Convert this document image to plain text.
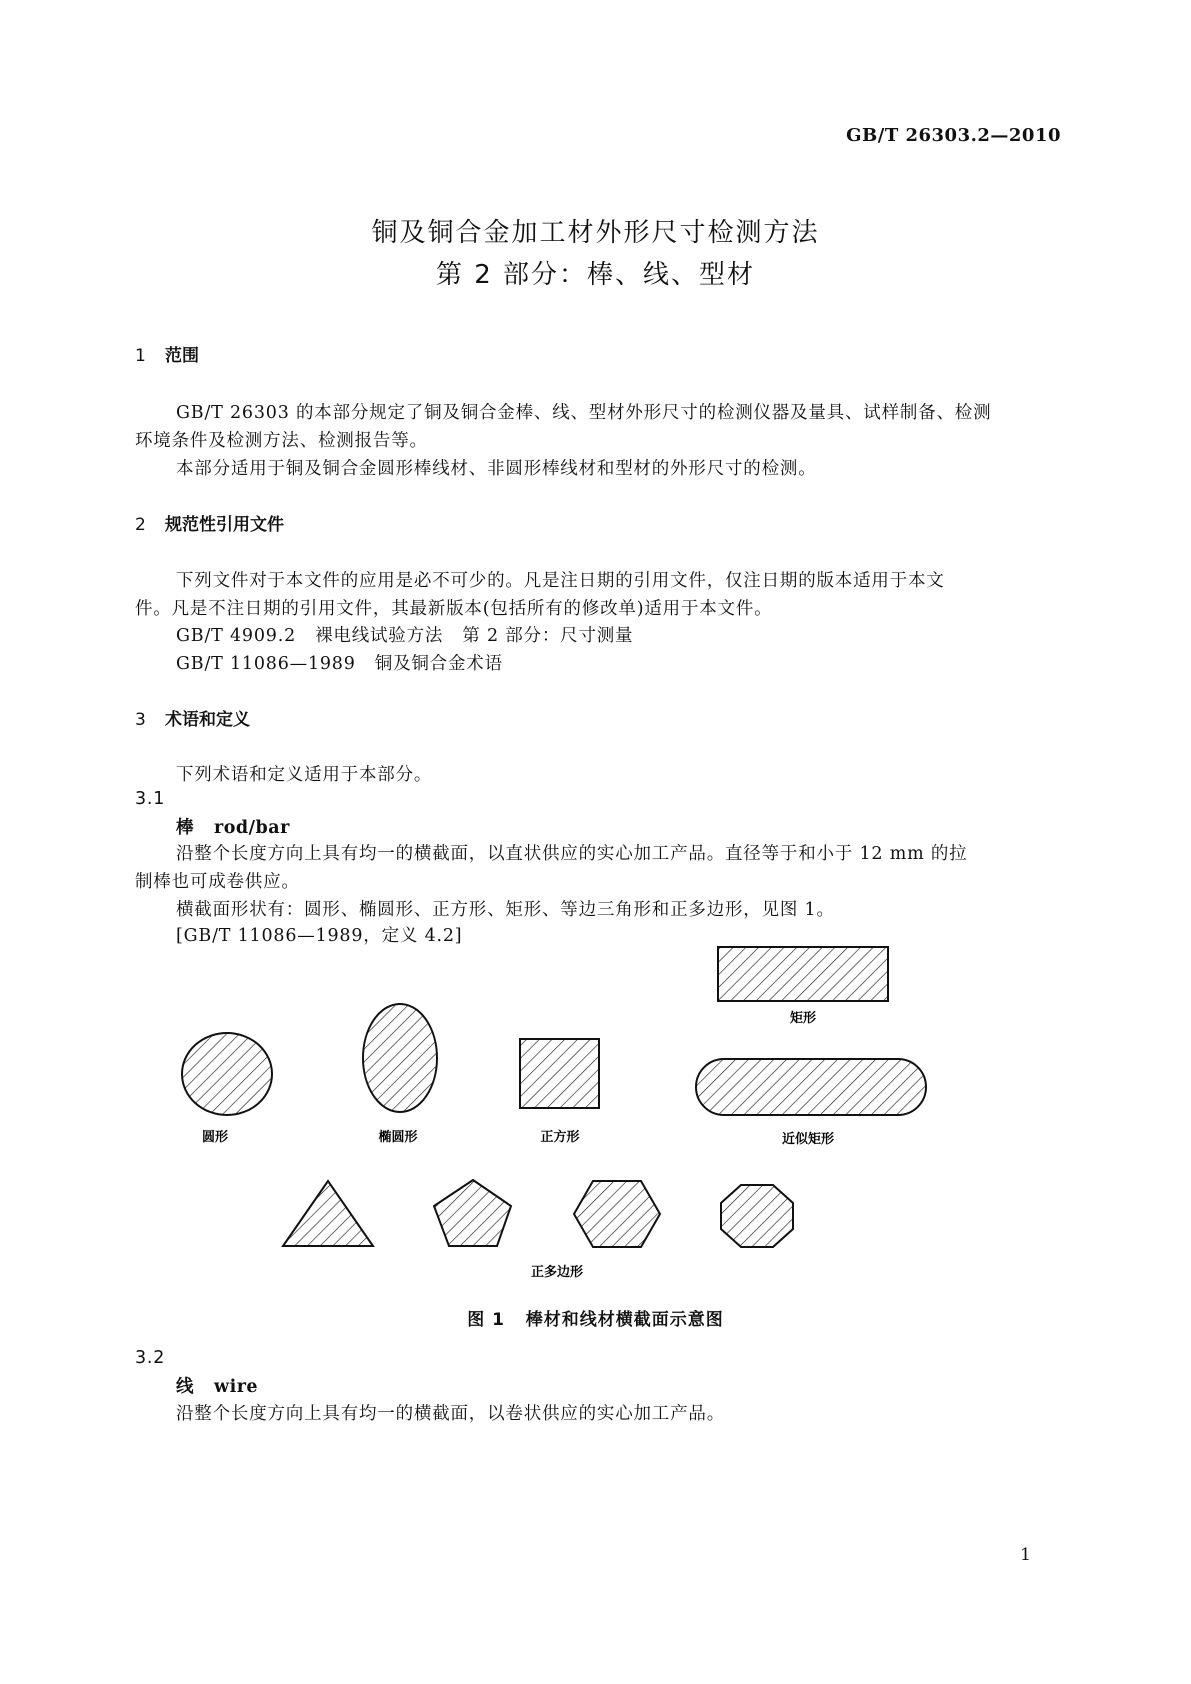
GB/T 26303.2—2010
铜及铜合金加工材外形尺寸检测方法
第 2 部分：棒、线、型材
1 范围
GB/T 26303 的本部分规定了铜及铜合金棒、线、型材外形尺寸的检测仪器及量具、试样制备、检测
环境条件及检测方法、检测报告等。
本部分适用于铜及铜合金圆形棒线材、非圆形棒线材和型材的外形尺寸的检测。
2 规范性引用文件
下列文件对于本文件的应用是必不可少的。凡是注日期的引用文件，仅注日期的版本适用于本文
件。凡是不注日期的引用文件，其最新版本(包括所有的修改单)适用于本文件。
GB/T 4909.2   裸电线试验方法   第 2 部分：尺寸测量
GB/T 11086—1989   铜及铜合金术语
3 术语和定义
下列术语和定义适用于本部分。
3.1
棒 rod/bar
沿整个长度方向上具有均一的横截面，以直状供应的实心加工产品。直径等于和小于 12 mm 的拉
制棒也可成卷供应。
横截面形状有：圆形、椭圆形、正方形、矩形、等边三角形和正多边形，见图 1。
[GB/T 11086—1989，定义 4.2]
矩形
圆形	椭圆形	正方形	近似矩形
正多边形
图 1   棒材和线材横截面示意图
3.2
线 wire
沿整个长度方向上具有均一的横截面，以卷状供应的实心加工产品。
1
